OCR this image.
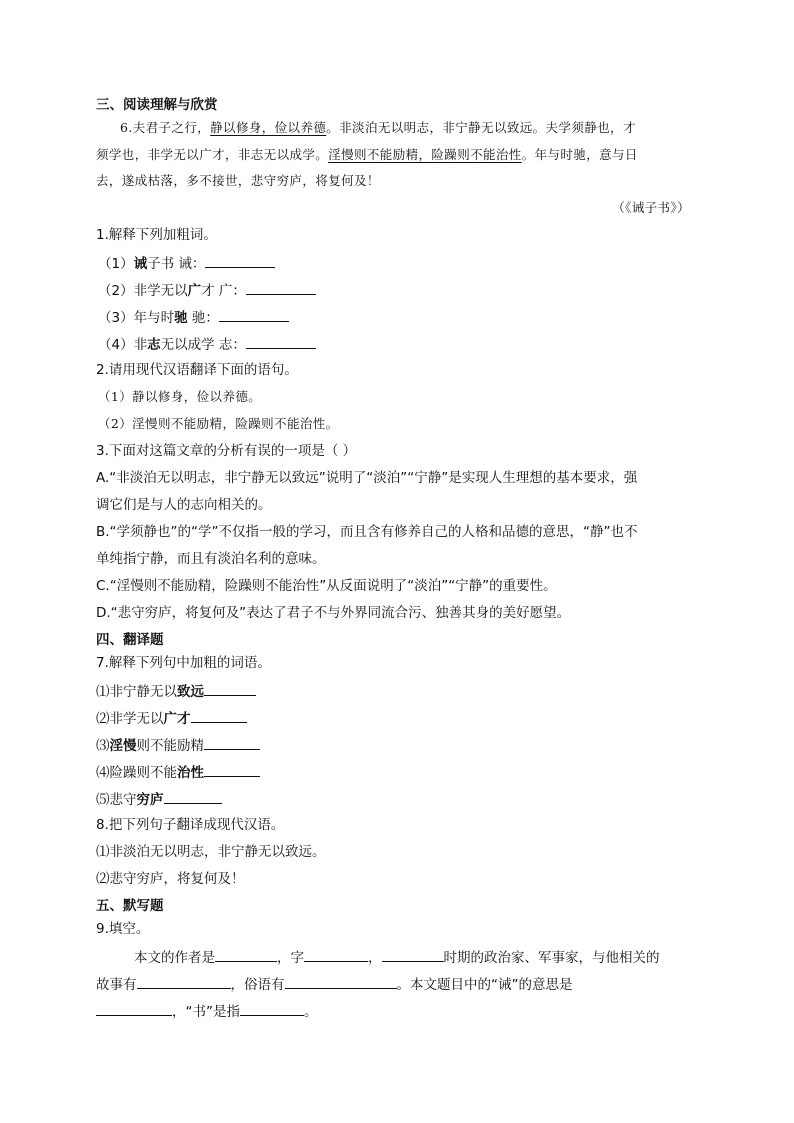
三、阅读理解与欣赏
6.夫君子之行，静以修身，俭以养德。非淡泊无以明志，非宁静无以致远。夫学须静也，才
须学也，非学无以广才，非志无以成学。淫慢则不能励精，险躁则不能治性。年与时驰，意与日
去，遂成枯落，多不接世，悲守穷庐，将复何及！
（《诫子书》）
1.解释下列加粗词。
（1）诫子书 诫：
（2）非学无以广才 广：
（3）年与时驰 驰：
（4）非志无以成学 志：
2.请用现代汉语翻译下面的语句。
（1）静以修身，俭以养德。
（2）淫慢则不能励精，险躁则不能治性。
3.下面对这篇文章的分析有误的一项是（ ）
A.“非淡泊无以明志，非宁静无以致远”说明了“淡泊”“宁静”是实现人生理想的基本要求，强
调它们是与人的志向相关的。
B.“学须静也”的“学”不仅指一般的学习，而且含有修养自己的人格和品德的意思，“静”也不
单纯指宁静，而且有淡泊名利的意味。
C.“淫慢则不能励精，险躁则不能治性”从反面说明了“淡泊”“宁静”的重要性。
D.“悲守穷庐，将复何及”表达了君子不与外界同流合污、独善其身的美好愿望。
四、翻译题
7.解释下列句中加粗的词语。
⑴非宁静无以致远
⑵非学无以广才
⑶淫慢则不能励精
⑷险躁则不能治性
⑸悲守穷庐
8.把下列句子翻译成现代汉语。
⑴非淡泊无以明志，非宁静无以致远。
⑵悲守穷庐，将复何及！
五、默写题
9.填空。
本文的作者是	，字	，	时期的政治家、军事家，与他相关的
故事有	，俗语有	。本文题目中的“诫”的意思是
，“书”是指	。
